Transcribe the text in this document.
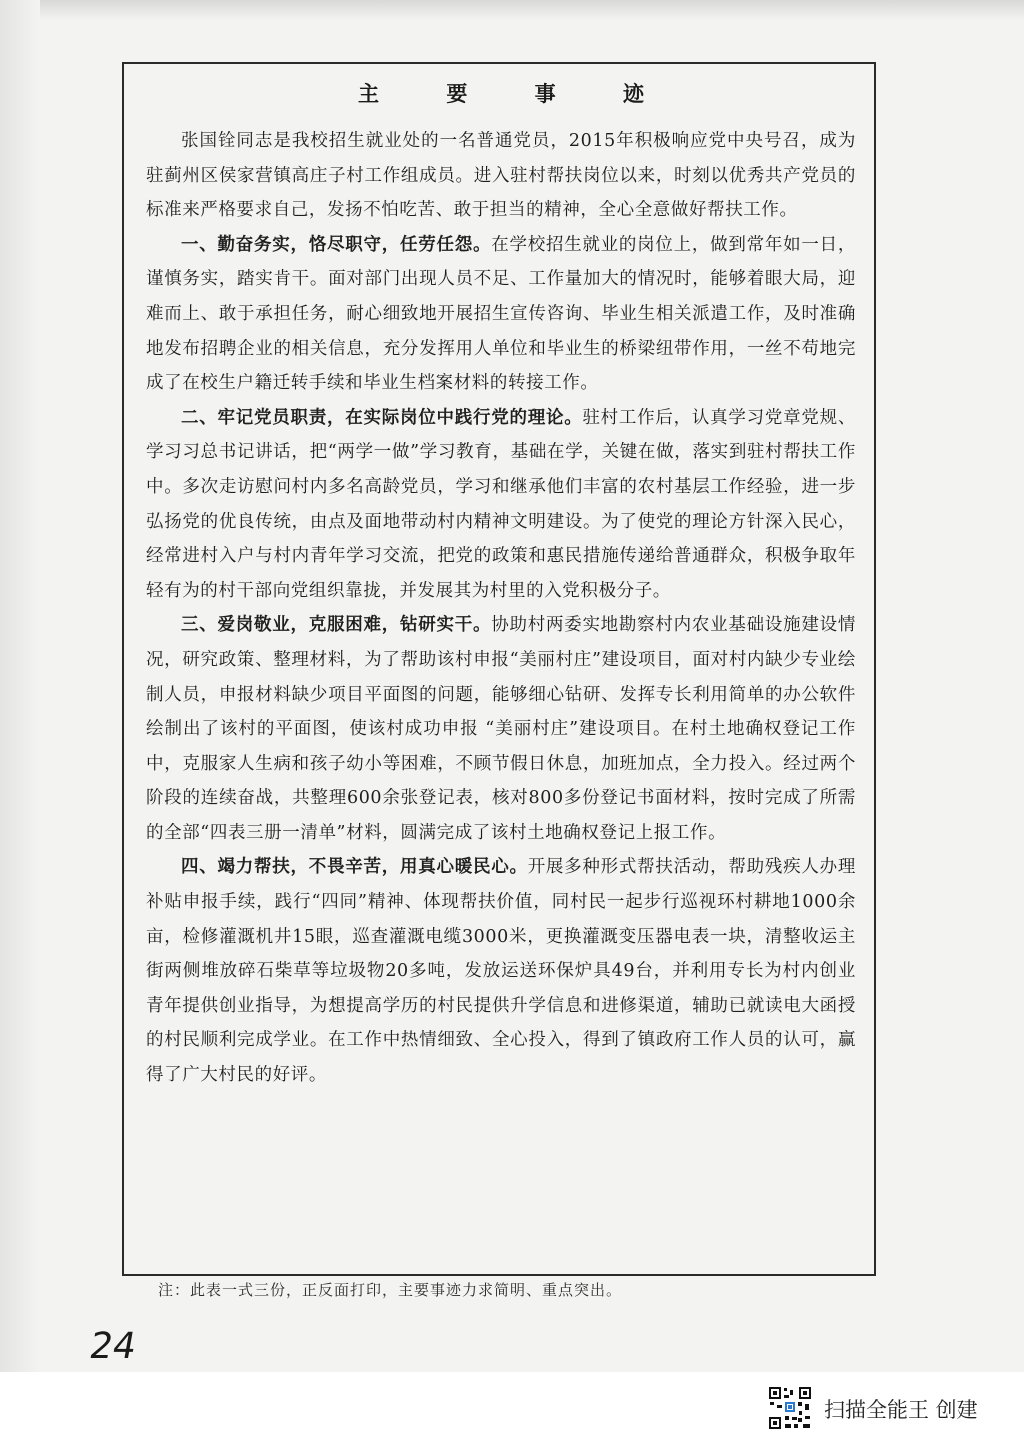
主 要 事 迹

张国铨同志是我校招生就业处的一名普通党员，2015年积极响应党中央号召，成为驻蓟州区侯家营镇高庄子村工作组成员。进入驻村帮扶岗位以来，时刻以优秀共产党员的标准来严格要求自己，发扬不怕吃苦、敢于担当的精神，全心全意做好帮扶工作。

一、勤奋务实，恪尽职守，任劳任怨。在学校招生就业的岗位上，做到常年如一日，谨慎务实，踏实肯干。面对部门出现人员不足、工作量加大的情况时，能够着眼大局，迎难而上、敢于承担任务，耐心细致地开展招生宣传咨询、毕业生相关派遣工作，及时准确地发布招聘企业的相关信息，充分发挥用人单位和毕业生的桥梁纽带作用，一丝不苟地完成了在校生户籍迁转手续和毕业生档案材料的转接工作。

二、牢记党员职责，在实际岗位中践行党的理论。驻村工作后，认真学习党章党规、学习习总书记讲话，把“两学一做”学习教育，基础在学，关键在做，落实到驻村帮扶工作中。多次走访慰问村内多名高龄党员，学习和继承他们丰富的农村基层工作经验，进一步弘扬党的优良传统，由点及面地带动村内精神文明建设。为了使党的理论方针深入民心，经常进村入户与村内青年学习交流，把党的政策和惠民措施传递给普通群众，积极争取年轻有为的村干部向党组织靠拢，并发展其为村里的入党积极分子。

三、爱岗敬业，克服困难，钻研实干。协助村两委实地勘察村内农业基础设施建设情况，研究政策、整理材料，为了帮助该村申报“美丽村庄”建设项目，面对村内缺少专业绘制人员，申报材料缺少项目平面图的问题，能够细心钻研、发挥专长利用简单的办公软件绘制出了该村的平面图，使该村成功申报 “美丽村庄”建设项目。在村土地确权登记工作中，克服家人生病和孩子幼小等困难，不顾节假日休息，加班加点，全力投入。经过两个阶段的连续奋战，共整理600余张登记表，核对800多份登记书面材料，按时完成了所需的全部“四表三册一清单”材料，圆满完成了该村土地确权登记上报工作。

四、竭力帮扶，不畏辛苦，用真心暖民心。开展多种形式帮扶活动，帮助残疾人办理补贴申报手续，践行“四同”精神、体现帮扶价值，同村民一起步行巡视环村耕地1000余亩，检修灌溉机井15眼，巡查灌溉电缆3000米，更换灌溉变压器电表一块，清整收运主街两侧堆放碎石柴草等垃圾物20多吨，发放运送环保炉具49台，并利用专长为村内创业青年提供创业指导，为想提高学历的村民提供升学信息和进修渠道，辅助已就读电大函授的村民顺利完成学业。在工作中热情细致、全心投入，得到了镇政府工作人员的认可，赢得了广大村民的好评。

注：此表一式三份，正反面打印，主要事迹力求简明、重点突出。
24
扫描全能王 创建
